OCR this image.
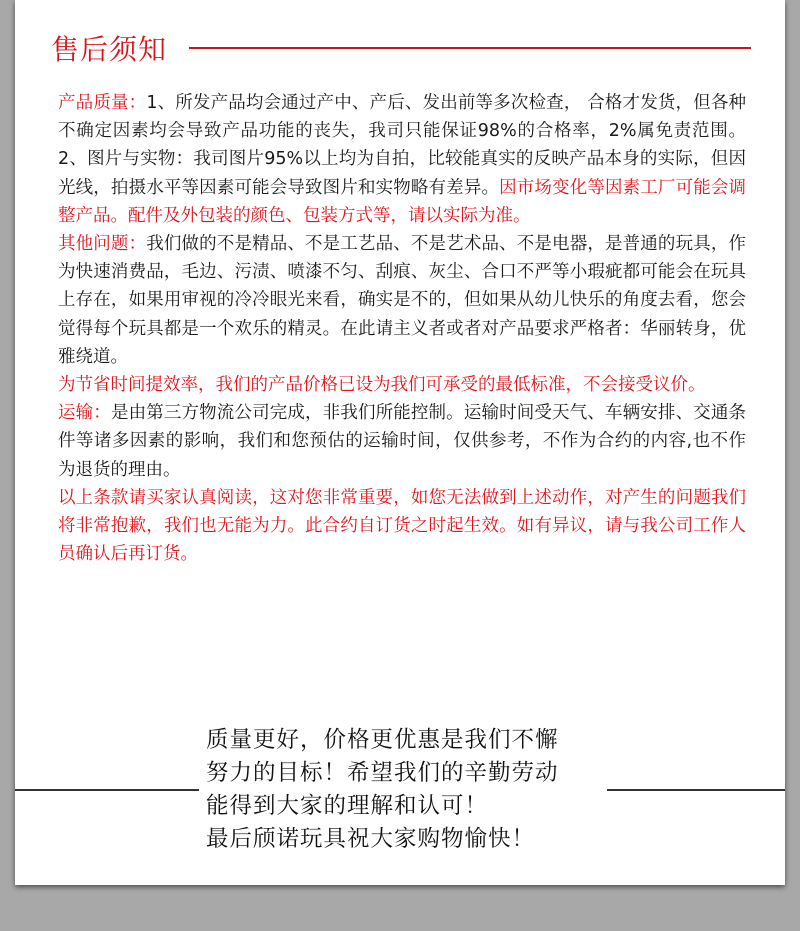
售后须知

产品质量：1、所发产品均会通过产中、产后、发出前等多次检查， 合格才发货，但各种不确定因素均会导致产品功能的丧失，我司只能保证98%的合格率，2%属免责范围。2、图片与实物：我司图片95%以上均为自拍，比较能真实的反映产品本身的实际，但因光线，拍摄水平等因素可能会导致图片和实物略有差异。因市场变化等因素工厂可能会调整产品。配件及外包装的颜色、包装方式等，请以实际为准。

其他问题：我们做的不是精品、不是工艺品、不是艺术品、不是电器，是普通的玩具，作为快速消费品，毛边、污渍、喷漆不匀、刮痕、灰尘、合口不严等小瑕疵都可能会在玩具上存在，如果用审视的冷冷眼光来看，确实是不的，但如果从幼儿快乐的角度去看，您会觉得每个玩具都是一个欢乐的精灵。在此请主义者或者对产品要求严格者：华丽转身，优雅绕道。

为节省时间提效率，我们的产品价格已设为我们可承受的最低标准，不会接受议价。

运输：是由第三方物流公司完成，非我们所能控制。运输时间受天气、车辆安排、交通条件等诸多因素的影响，我们和您预估的运输时间，仅供参考，不作为合约的内容,也不作为退货的理由。

以上条款请买家认真阅读，这对您非常重要，如您无法做到上述动作，对产生的问题我们将非常抱歉，我们也无能为力。此合约自订货之时起生效。如有异议，请与我公司工作人员确认后再订货。

质量更好，价格更优惠是我们不懈
努力的目标！希望我们的辛勤劳动
能得到大家的理解和认可！
最后颀诺玩具祝大家购物愉快！
